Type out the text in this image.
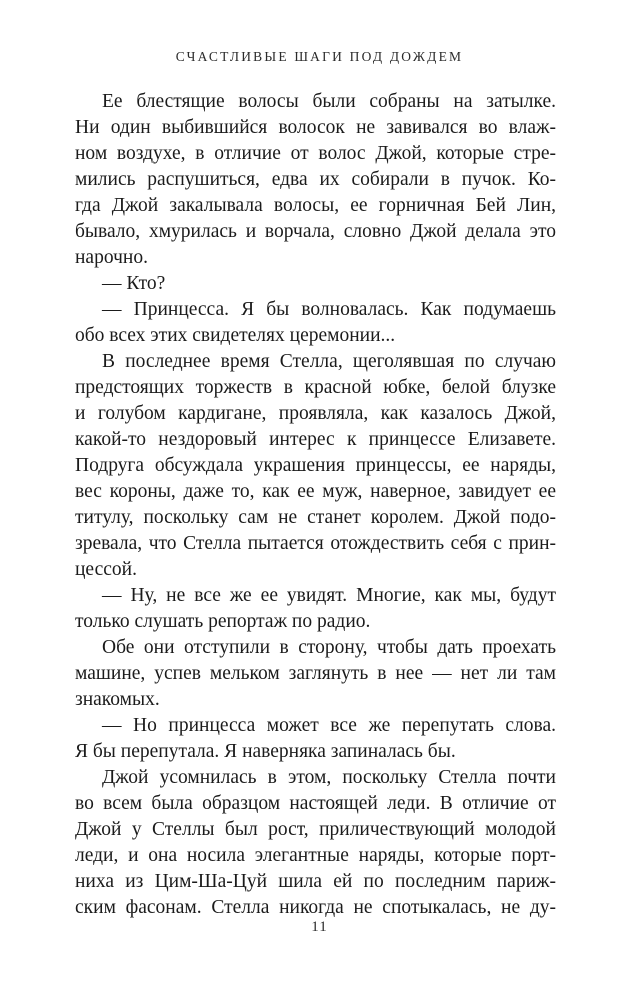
СЧАСТЛИВЫЕ ШАГИ ПОД ДОЖДЕМ
Ее блестящие волосы были собраны на затылке.
Ни один выбившийся волосок не завивался во влаж-
ном воздухе, в отличие от волос Джой, которые стре-
мились распушиться, едва их собирали в пучок. Ко-
гда Джой закалывала волосы, ее горничная Бей Лин,
бывало, хмурилась и ворчала, словно Джой делала это
нарочно.
— Кто?
— Принцесса. Я бы волновалась. Как подумаешь
обо всех этих свидетелях церемонии...
В последнее время Стелла, щеголявшая по случаю
предстоящих торжеств в красной юбке, белой блузке
и голубом кардигане, проявляла, как казалось Джой,
какой-то нездоровый интерес к принцессе Елизавете.
Подруга обсуждала украшения принцессы, ее наряды,
вес короны, даже то, как ее муж, наверное, завидует ее
титулу, поскольку сам не станет королем. Джой подо-
зревала, что Стелла пытается отождествить себя с прин-
цессой.
— Ну, не все же ее увидят. Многие, как мы, будут
только слушать репортаж по радио.
Обе они отступили в сторону, чтобы дать проехать
машине, успев мельком заглянуть в нее — нет ли там
знакомых.
— Но принцесса может все же перепутать слова.
Я бы перепутала. Я наверняка запиналась бы.
Джой усомнилась в этом, поскольку Стелла почти
во всем была образцом настоящей леди. В отличие от
Джой у Стеллы был рост, приличествующий молодой
леди, и она носила элегантные наряды, которые порт-
ниха из Цим-Ша-Цуй шила ей по последним париж-
ским фасонам. Стелла никогда не спотыкалась, не ду-
11
